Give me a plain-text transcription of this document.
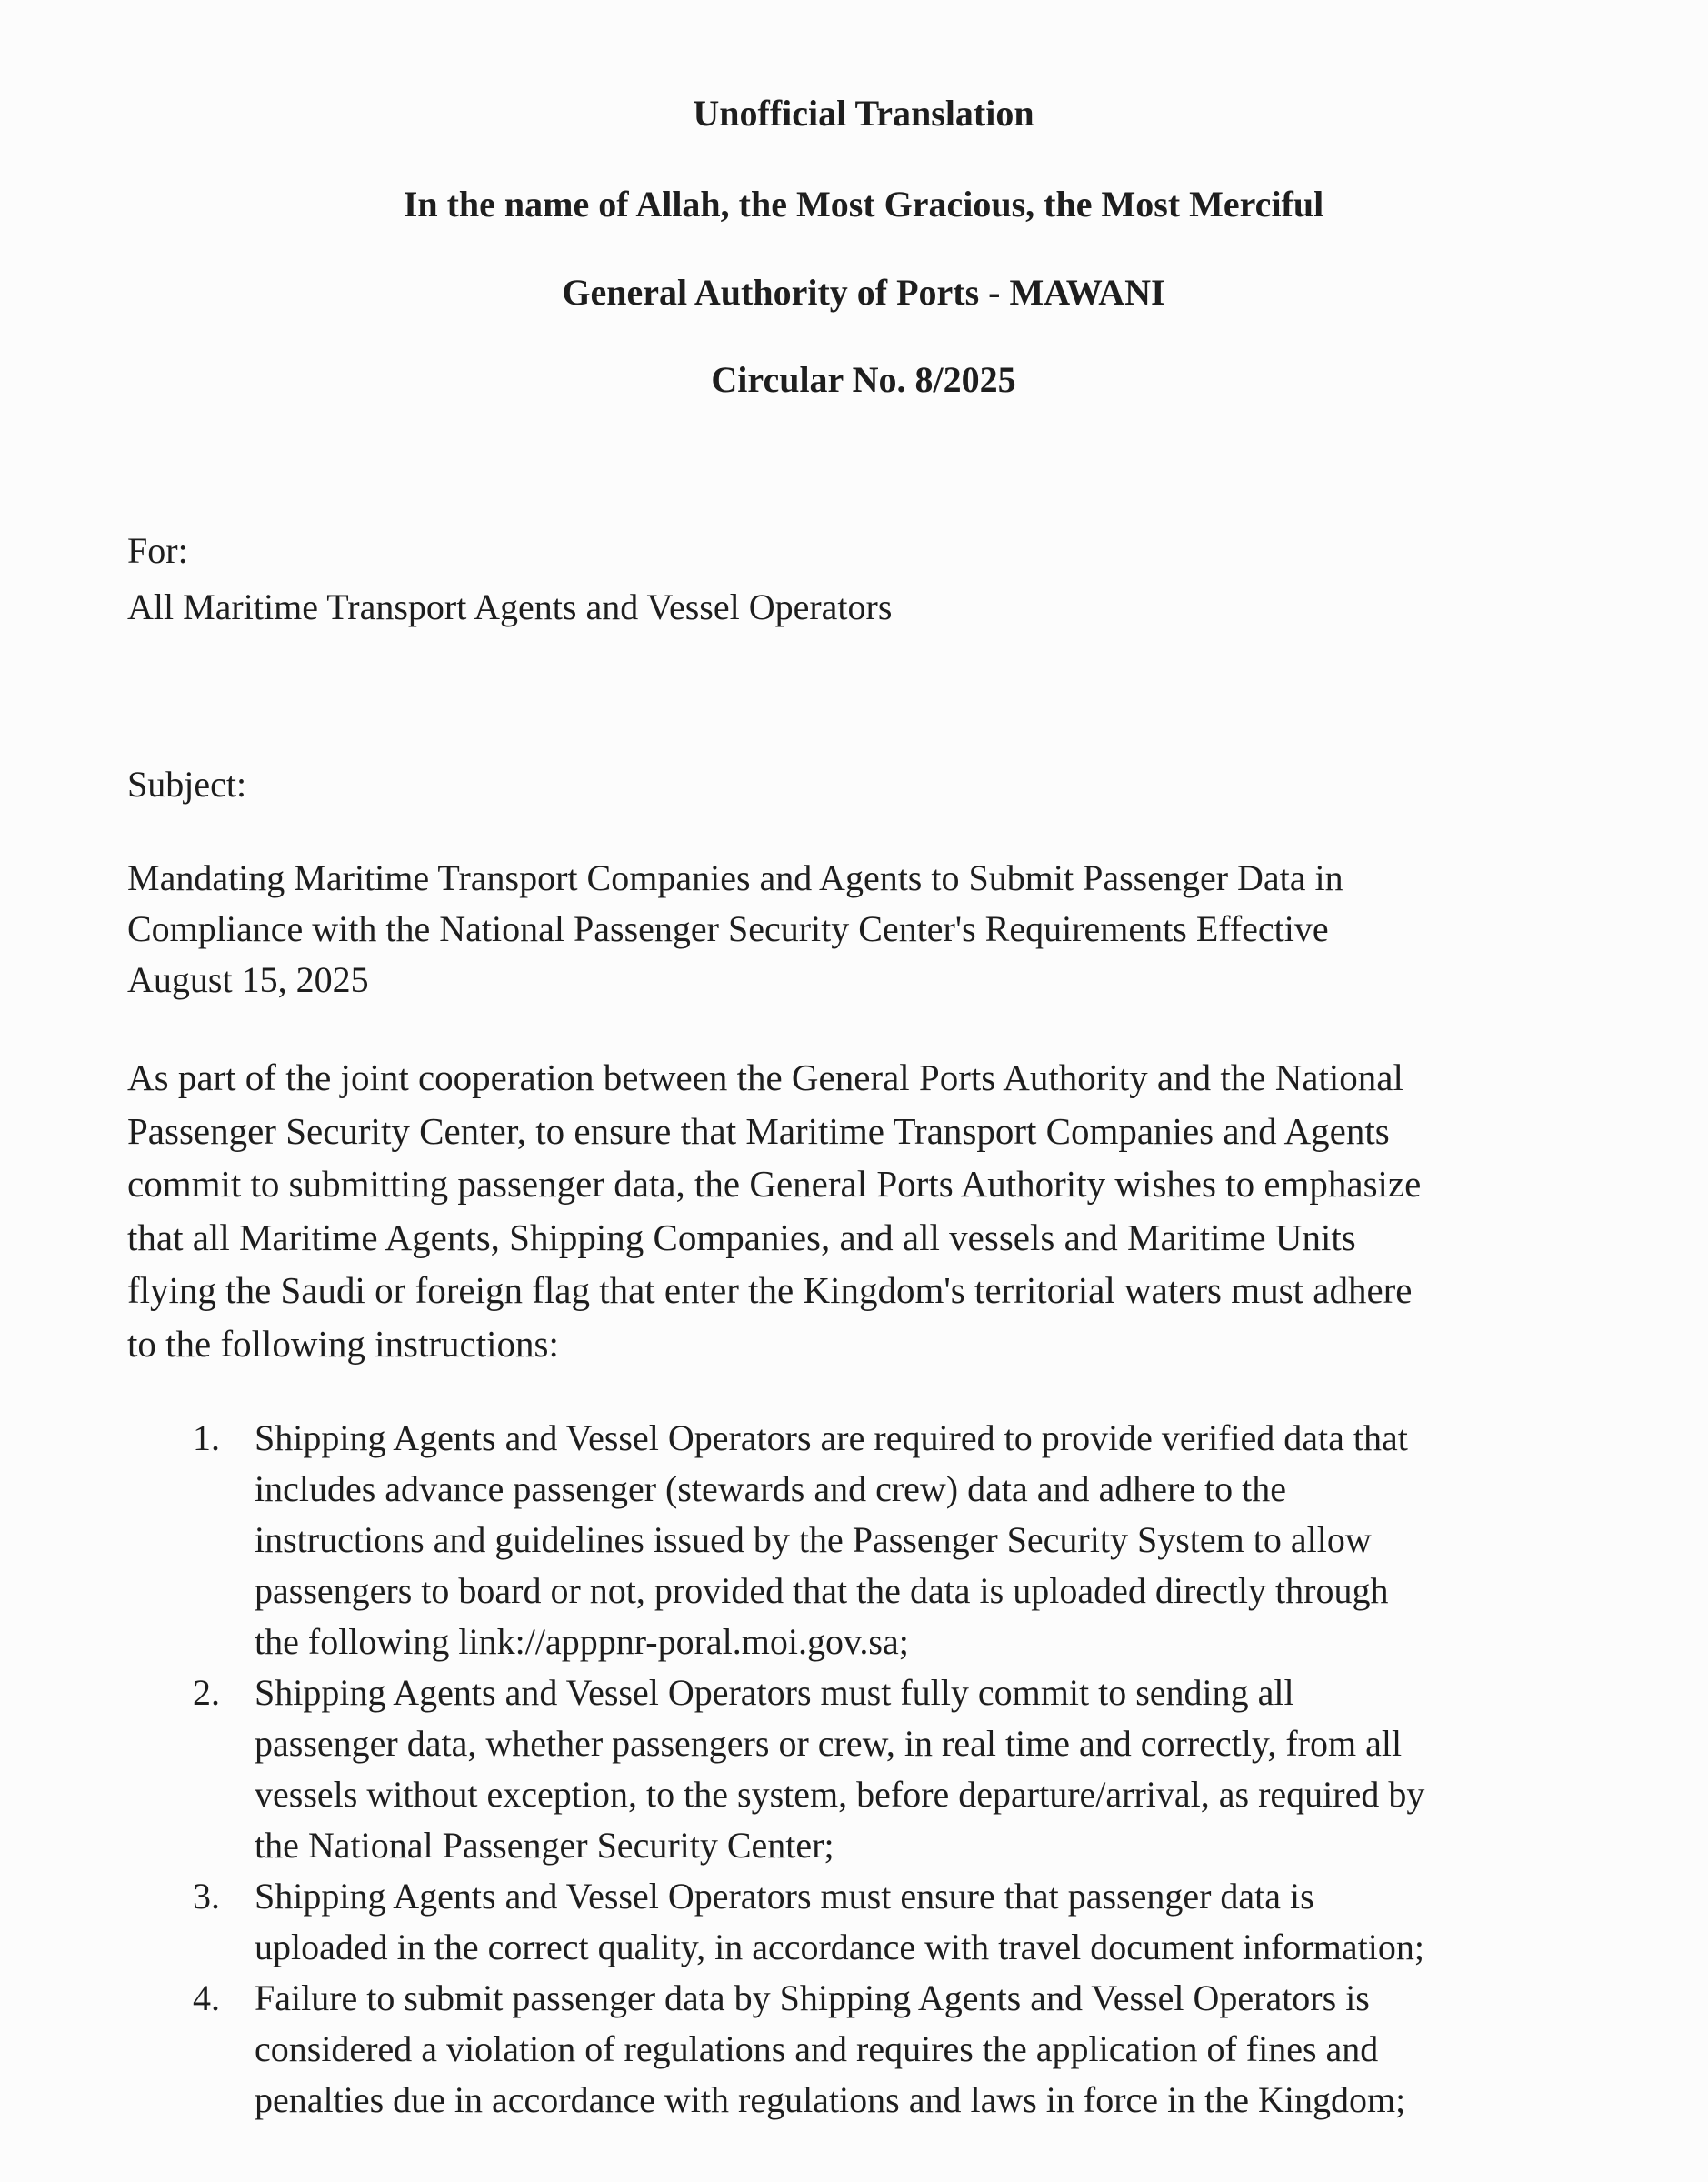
Unofficial Translation
In the name of Allah, the Most Gracious, the Most Merciful
General Authority of Ports - MAWANI
Circular No. 8/2025
For:
All Maritime Transport Agents and Vessel Operators
Subject:
Mandating Maritime Transport Companies and Agents to Submit Passenger Data in
Compliance with the National Passenger Security Center's Requirements Effective
August 15, 2025
As part of the joint cooperation between the General Ports Authority and the National
Passenger Security Center, to ensure that Maritime Transport Companies and Agents
commit to submitting passenger data, the General Ports Authority wishes to emphasize
that all Maritime Agents, Shipping Companies, and all vessels and Maritime Units
flying the Saudi or foreign flag that enter the Kingdom's territorial waters must adhere
to the following instructions:
1. Shipping Agents and Vessel Operators are required to provide verified data that
includes advance passenger (stewards and crew) data and adhere to the
instructions and guidelines issued by the Passenger Security System to allow
passengers to board or not, provided that the data is uploaded directly through
the following link://apppnr-poral.moi.gov.sa;
2. Shipping Agents and Vessel Operators must fully commit to sending all
passenger data, whether passengers or crew, in real time and correctly, from all
vessels without exception, to the system, before departure/arrival, as required by
the National Passenger Security Center;
3. Shipping Agents and Vessel Operators must ensure that passenger data is
uploaded in the correct quality, in accordance with travel document information;
4. Failure to submit passenger data by Shipping Agents and Vessel Operators is
considered a violation of regulations and requires the application of fines and
penalties due in accordance with regulations and laws in force in the Kingdom;
